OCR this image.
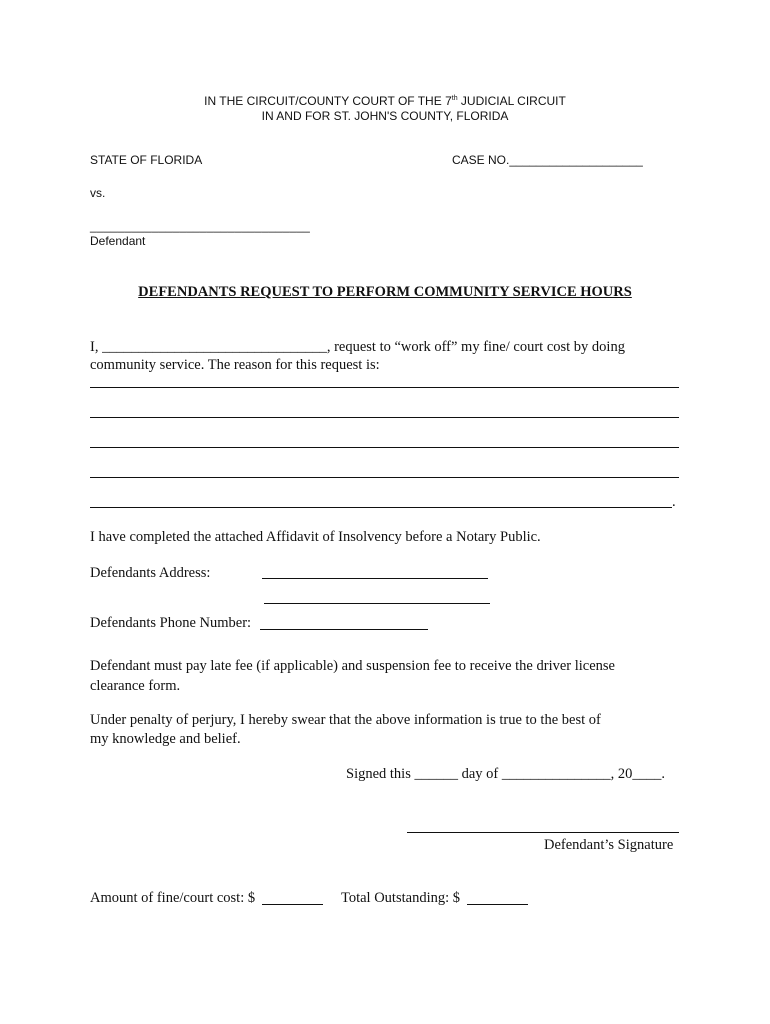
IN THE CIRCUIT/COUNTY COURT OF THE 7th JUDICIAL CIRCUIT
IN AND FOR ST. JOHN'S COUNTY, FLORIDA
STATE OF FLORIDA	CASE NO.____________________
vs.
________________________________
Defendant
DEFENDANTS REQUEST TO PERFORM COMMUNITY SERVICE HOURS
I, _______________________________, request to “work off” my fine/ court cost by doing
community service. The reason for this request is:
.
I have completed the attached Affidavit of Insolvency before a Notary Public.
Defendants Address:
Defendants Phone Number:
Defendant must pay late fee (if applicable) and suspension fee to receive the driver license
clearance form.
Under penalty of perjury, I hereby swear that the above information is true to the best of
my knowledge and belief.
Signed this ______ day of _______________, 20____.
Defendant’s Signature
Amount of fine/court cost: $	Total Outstanding: $
